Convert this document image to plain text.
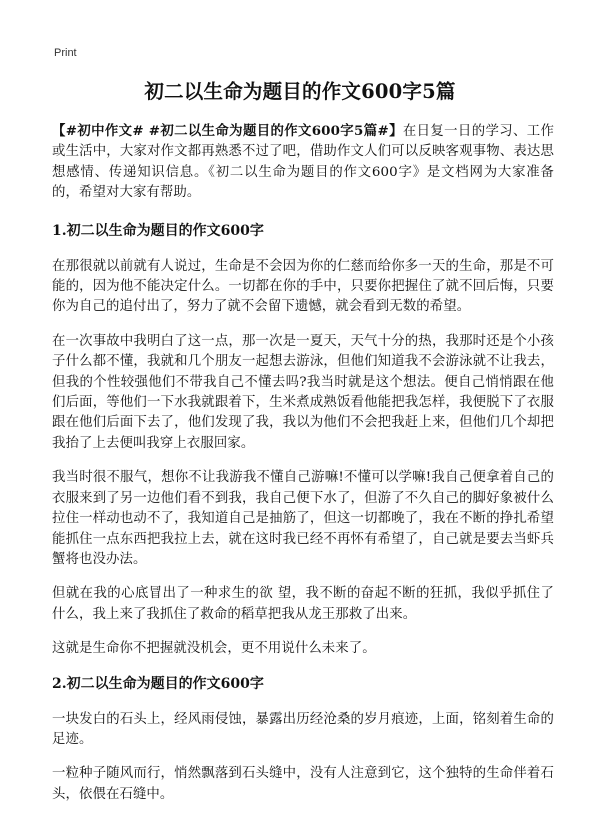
Print
初二以生命为题目的作文600字5篇

【#初中作文# #初二以生命为题目的作文600字5篇#】在日复一日的学习、工作或生活中，大家对作文都再熟悉不过了吧，借助作文人们可以反映客观事物、表达思想感情、传递知识信息。《初二以生命为题目的作文600字》是文档网为大家准备的，希望对大家有帮助。

1.初二以生命为题目的作文600字

在那很就以前就有人说过，生命是不会因为你的仁慈而给你多一天的生命，那是不可能的，因为他不能决定什么。一切都在你的手中，只要你把握住了就不回后悔，只要你为自己的追付出了，努力了就不会留下遗憾，就会看到无数的希望。

在一次事故中我明白了这一点，那一次是一夏天，天气十分的热，我那时还是个小孩子什么都不懂，我就和几个朋友一起想去游泳，但他们知道我不会游泳就不让我去，但我的个性较强他们不带我自己不懂去吗?我当时就是这个想法。便自己悄悄跟在他们后面，等他们一下水我就跟着下，生米煮成熟饭看他能把我怎样，我便脱下了衣服跟在他们后面下去了，他们发现了我，我以为他们不会把我赶上来，但他们几个却把我抬了上去便叫我穿上衣服回家。

我当时很不服气，想你不让我游我不懂自己游嘛!不懂可以学嘛!我自己便拿着自己的衣服来到了另一边他们看不到我，我自己便下水了，但游了不久自己的脚好象被什么拉住一样动也动不了，我知道自己是抽筋了，但这一切都晚了，我在不断的挣扎希望能抓住一点东西把我拉上去，就在这时我已经不再怀有希望了，自己就是要去当虾兵蟹将也没办法。

但就在我的心底冒出了一种求生的欲 望，我不断的奋起不断的狂抓，我似乎抓住了什么，我上来了我抓住了救命的稻草把我从龙王那救了出来。

这就是生命你不把握就没机会，更不用说什么未来了。

2.初二以生命为题目的作文600字

一块发白的石头上，经风雨侵蚀，暴露出历经沧桑的岁月痕迹，上面，铭刻着生命的足迹。

一粒种子随风而行，悄然飘落到石头缝中，没有人注意到它，这个独特的生命伴着石头，依偎在石缝中。
